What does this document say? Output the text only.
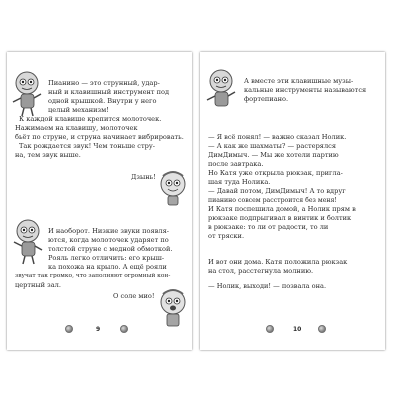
Пианино — это струнный, удар-
ный и клавишный инструмент под
одной крышкой. Внутри у него
целый механизм!
К каждой клавише крепится молоточек.
Нажимаем на клавишу, молоточек
бьёт по струне, и струна начинает вибрировать.
Так рождается звук! Чем тоньше стру-
на, тем звук выше.
Дзынь!
И наоборот. Низкие звуки появля-
ются, когда молоточек ударяет по
толстой струне с медной обмоткой.
Рояль легко отличить: его крыш-
ка похожа на крыло. А ещё рояли
звучат так громко, что заполняют огромный кон-
цертный зал.
О соле мио!
9
А вместе эти клавишные музы-
кальные инструменты называются
фортепиано.
— Я всё понял! — важно сказал Нолик.
— А как же шахматы? — растерялся
ДимДимыч. — Мы же хотели партию
после завтрака.
Но Катя уже открыла рюкзак, пригла-
шая туда Нолика.
— Давай потом, ДимДимыч! А то вдруг
пианино совсем расстроится без меня!
И Катя поспешила домой, а Нолик прям в
рюкзаке подпрыгивал в винтик и болтик
в рюкзаке: то ли от радости, то ли
от тряски.
И вот они дома. Катя положила рюкзак
на стол, расстегнула молнию.
— Нолик, выходи! — позвала она.
10
